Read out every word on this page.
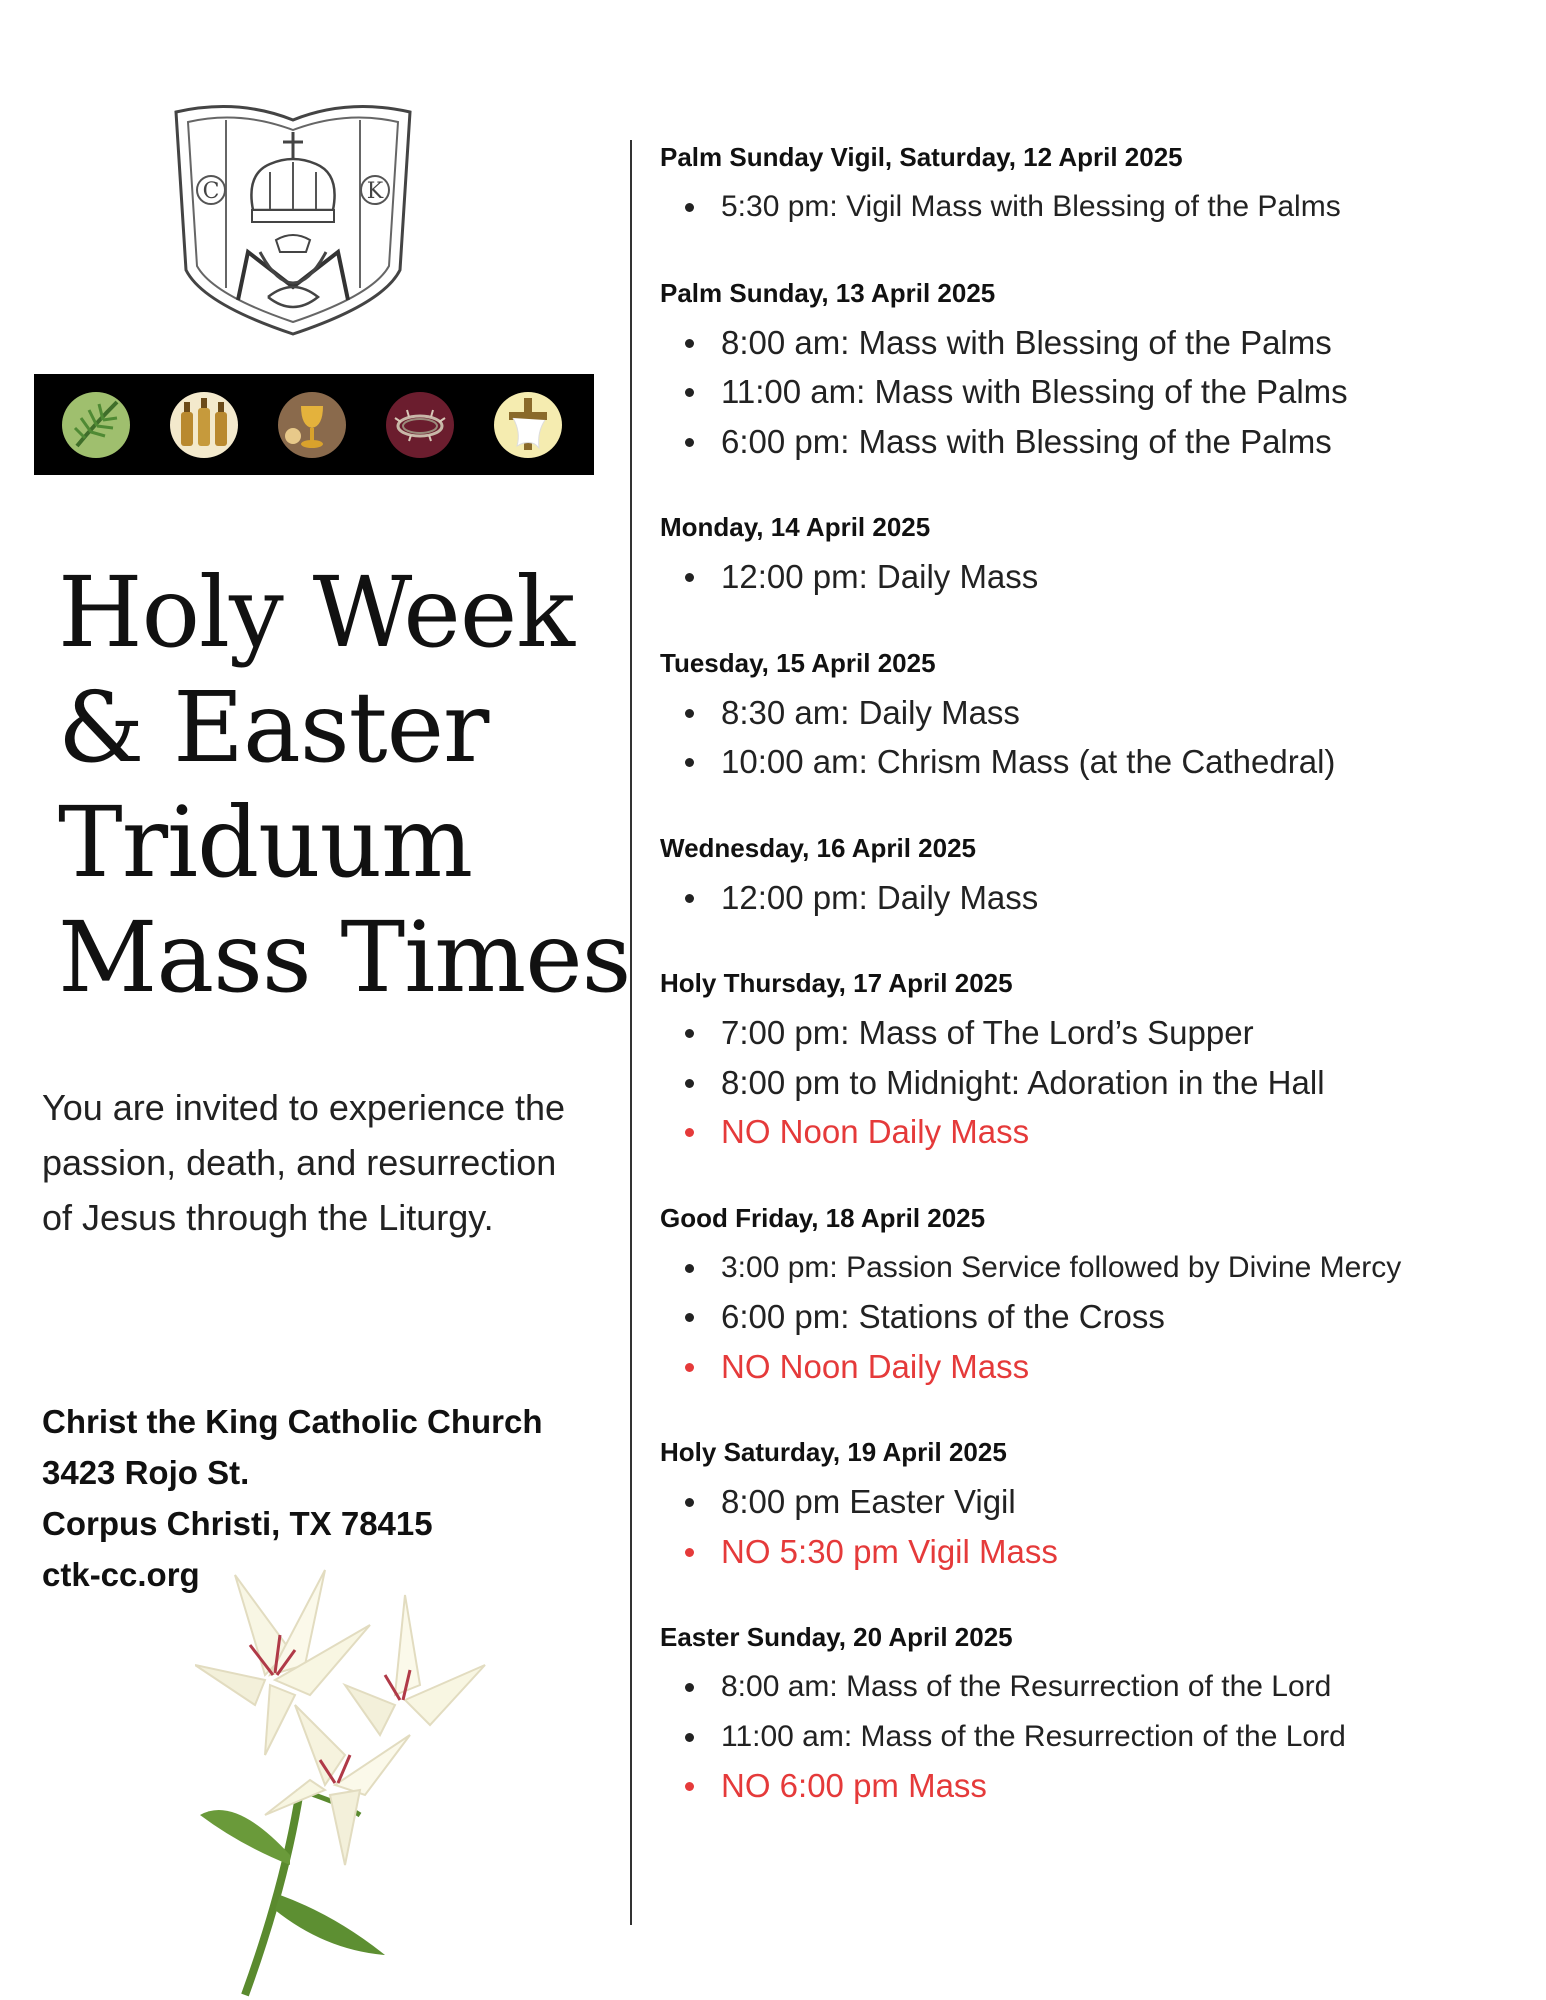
C	K
Holy Week
& Easter
Triduum
Mass Times

You are invited to experience the passion, death, and resurrection of Jesus through the Liturgy.

Christ the King Catholic Church
3423 Rojo St.
Corpus Christi, TX 78415
ctk-cc.org
Palm Sunday Vigil, Saturday, 12 April 2025
5:30 pm: Vigil Mass with Blessing of the Palms
Palm Sunday, 13 April 2025
8:00 am: Mass with Blessing of the Palms
11:00 am: Mass with Blessing of the Palms
6:00 pm: Mass with Blessing of the Palms
Monday, 14 April 2025
12:00 pm: Daily Mass
Tuesday, 15 April 2025
8:30 am: Daily Mass
10:00 am: Chrism Mass (at the Cathedral)
Wednesday, 16 April 2025
12:00 pm: Daily Mass
Holy Thursday, 17 April 2025
7:00 pm: Mass of The Lord’s Supper
8:00 pm to Midnight: Adoration in the Hall
NO Noon Daily Mass
Good Friday, 18 April 2025
3:00 pm: Passion Service followed by Divine Mercy
6:00 pm: Stations of the Cross
NO Noon Daily Mass
Holy Saturday, 19 April 2025
8:00 pm Easter Vigil
NO 5:30 pm Vigil Mass
Easter Sunday, 20 April 2025
8:00 am: Mass of the Resurrection of the Lord
11:00 am: Mass of the Resurrection of the Lord
NO 6:00 pm Mass
